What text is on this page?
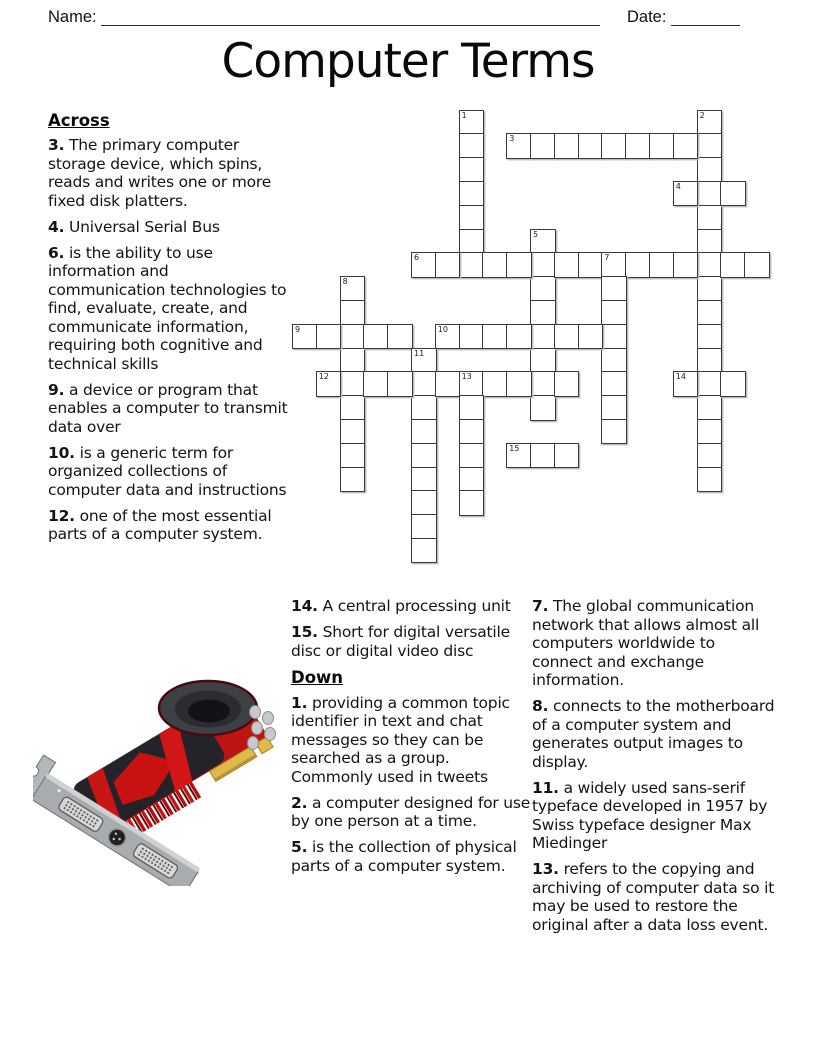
Name:	Date:
Computer Terms
1	2
3
4
5
6	7
8
9	10
11
12	13	14
15
Across

3. The primary computer storage device, which spins, reads and writes one or more fixed disk platters.

4. Universal Serial Bus

6. is the ability to use information and communication technologies to find, evaluate, create, and communicate information, requiring both cognitive and technical skills

9. a device or program that enables a computer to transmit data over

10. is a generic term for organized collections of computer data and instructions

12. one of the most essential parts of a computer system.

14. A central processing unit

15. Short for digital versatile disc or digital video disc

Down

1. providing a common topic identifier in text and chat messages so they can be searched as a group. Commonly used in tweets

2. a computer designed for use by one person at a time.

5. is the collection of physical parts of a computer system.

7. The global communication network that allows almost all computers worldwide to connect and exchange information.

8. connects to the motherboard of a computer system and generates output images to display.

11. a widely used sans-serif typeface developed in 1957 by Swiss typeface designer Max Miedinger

13. refers to the copying and archiving of computer data so it may be used to restore the original after a data loss event.
